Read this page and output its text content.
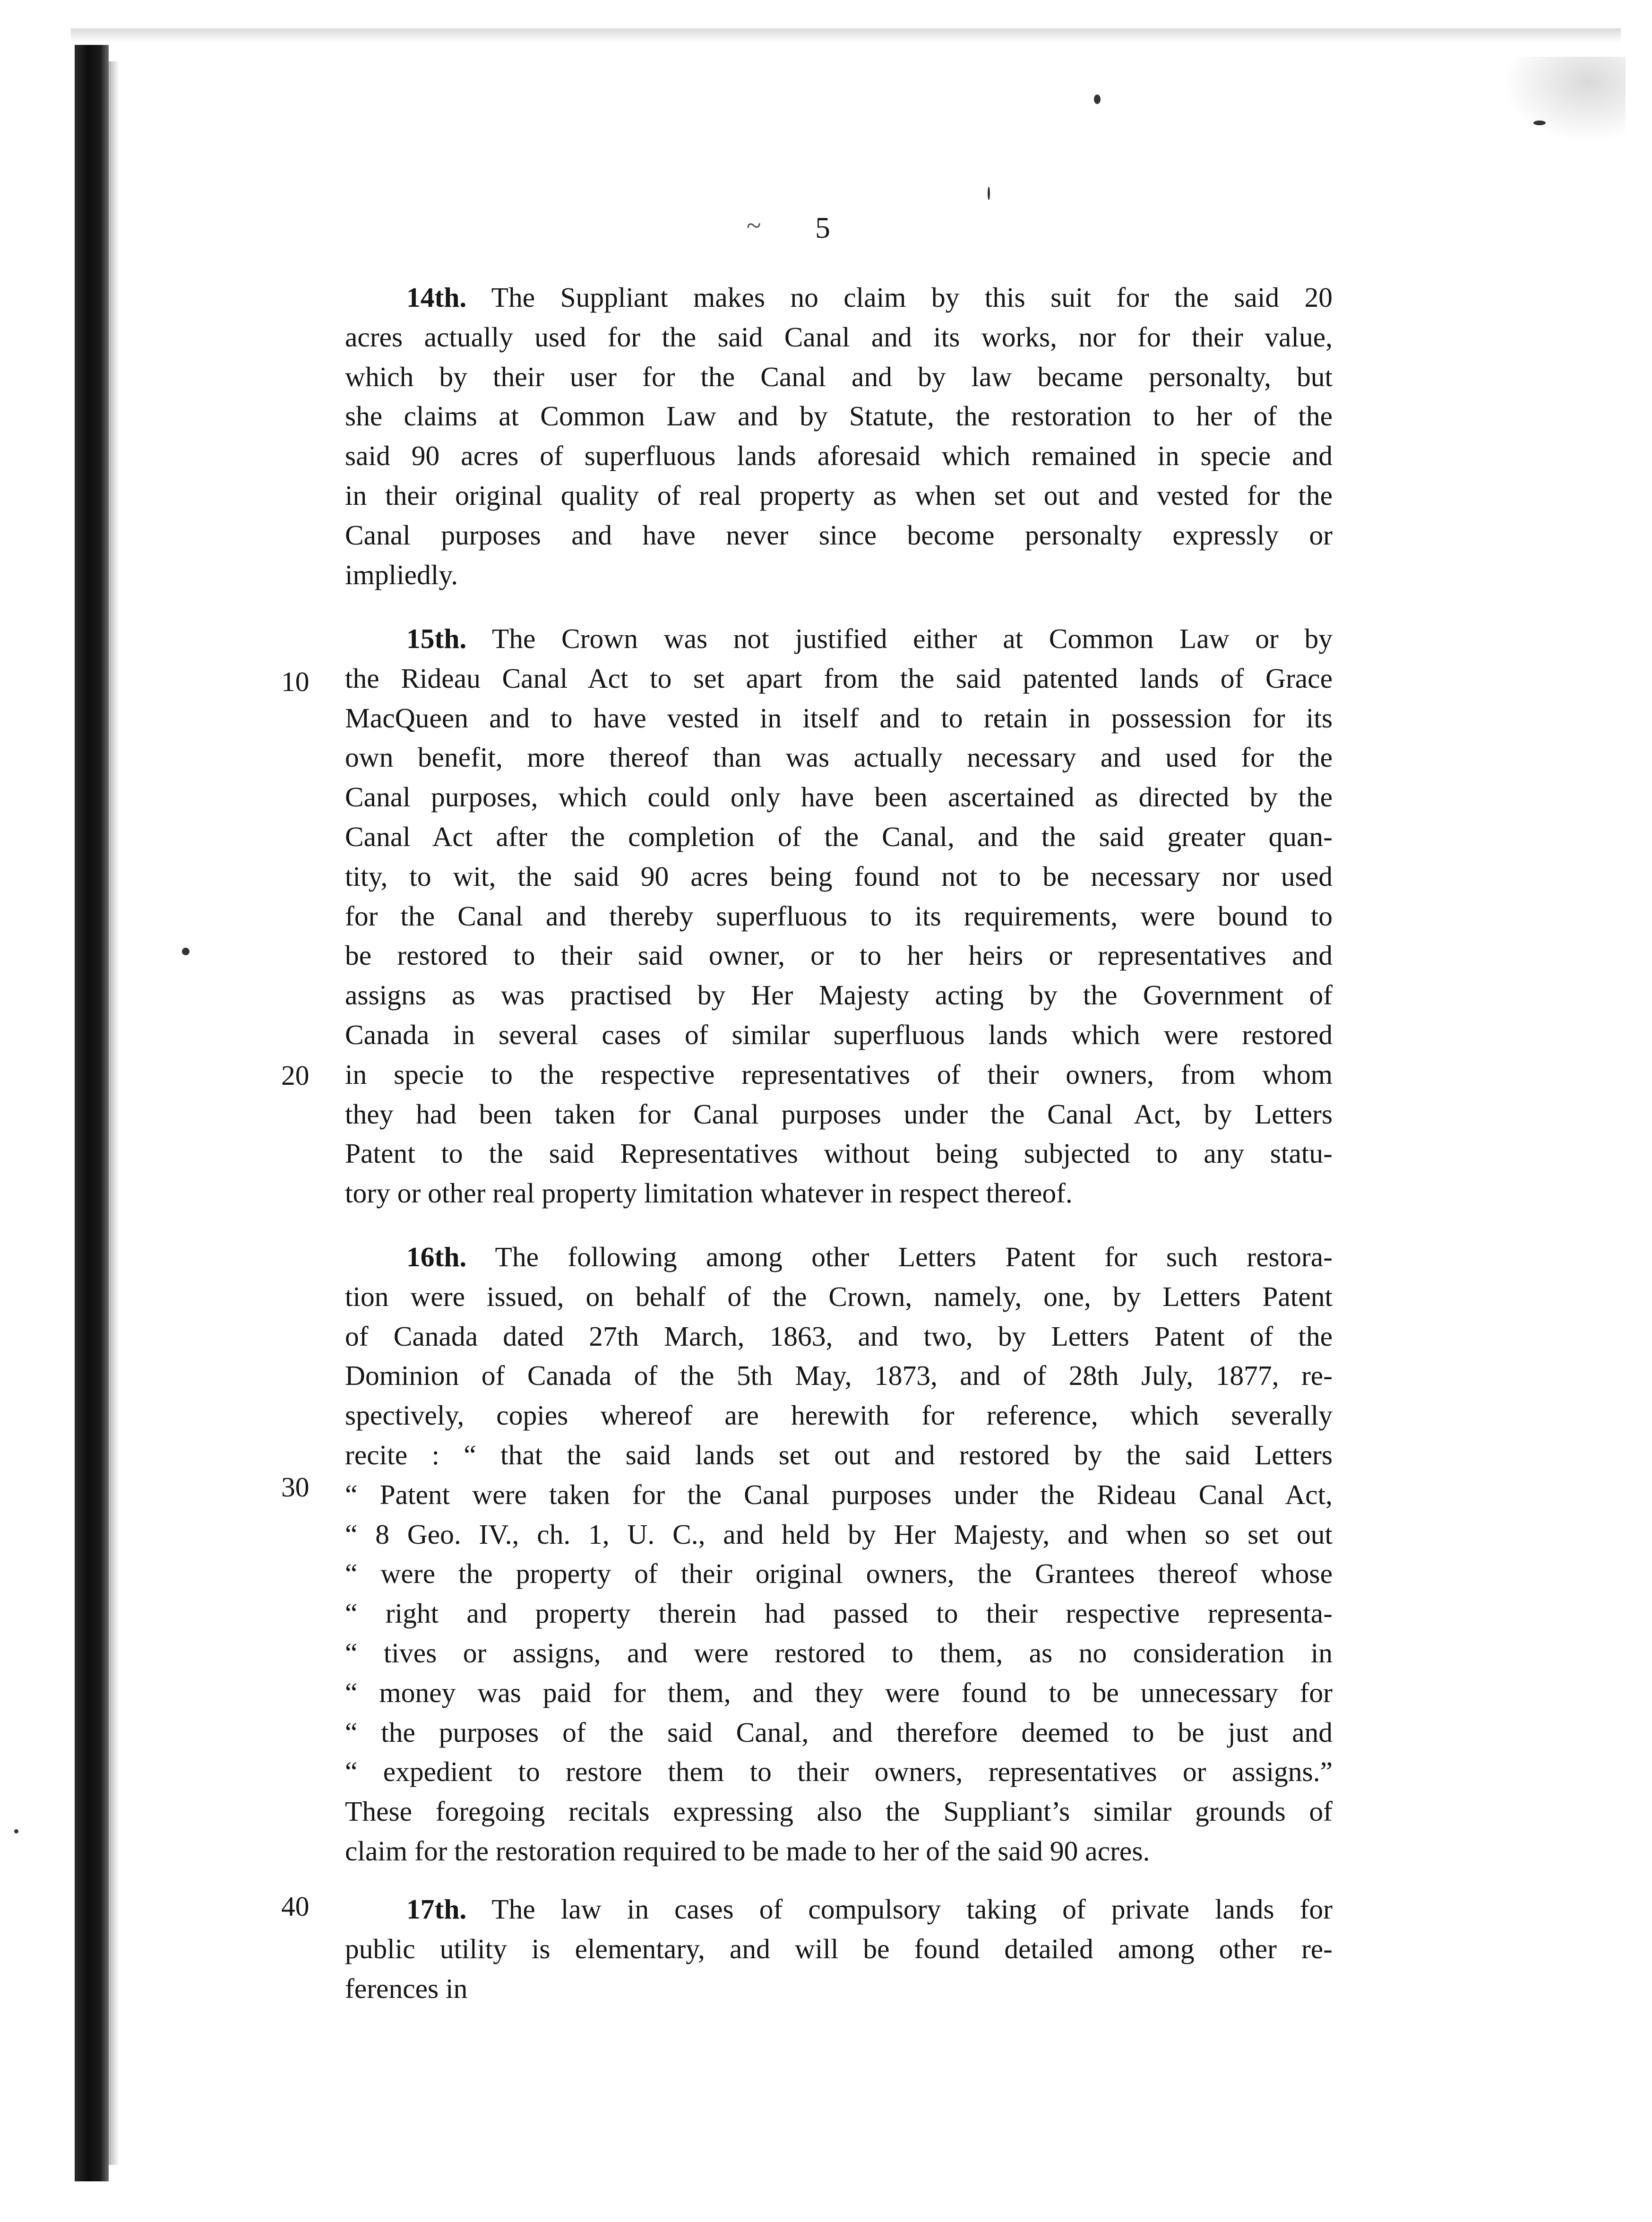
~ 5

14th. The Suppliant makes no claim by this suit for the said 20
acres actually used for the said Canal and its works, nor for their value,
which by their user for the Canal and by law became personalty, but
she claims at Common Law and by Statute, the restoration to her of the
said 90 acres of superfluous lands aforesaid which remained in specie and
in their original quality of real property as when set out and vested for the
Canal purposes and have never since become personalty expressly or
impliedly.
15th. The Crown was not justified either at Common Law or by
the Rideau Canal Act to set apart from the said patented lands of Grace
MacQueen and to have vested in itself and to retain in possession for its
own benefit, more thereof than was actually necessary and used for the
Canal purposes, which could only have been ascertained as directed by the
Canal Act after the completion of the Canal, and the said greater quan-
tity, to wit, the said 90 acres being found not to be necessary nor used
for the Canal and thereby superfluous to its requirements, were bound to
be restored to their said owner, or to her heirs or representatives and
assigns as was practised by Her Majesty acting by the Government of
Canada in several cases of similar superfluous lands which were restored
in specie to the respective representatives of their owners, from whom
they had been taken for Canal purposes under the Canal Act, by Letters
Patent to the said Representatives without being subjected to any statu-
tory or other real property limitation whatever in respect thereof.
16th. The following among other Letters Patent for such restora-
tion were issued, on behalf of the Crown, namely, one, by Letters Patent
of Canada dated 27th March, 1863, and two, by Letters Patent of the
Dominion of Canada of the 5th May, 1873, and of 28th July, 1877, re-
spectively, copies whereof are herewith for reference, which severally
recite : “ that the said lands set out and restored by the said Letters
“ Patent were taken for the Canal purposes under the Rideau Canal Act,
“ 8 Geo. IV., ch. 1, U. C., and held by Her Majesty, and when so set out
“ were the property of their original owners, the Grantees thereof whose
“ right and property therein had passed to their respective representa-
“ tives or assigns, and were restored to them, as no consideration in
“ money was paid for them, and they were found to be unnecessary for
“ the purposes of the said Canal, and therefore deemed to be just and
“ expedient to restore them to their owners, representatives or assigns.”
These foregoing recitals expressing also the Suppliant’s similar grounds of
claim for the restoration required to be made to her of the said 90 acres.
17th. The law in cases of compulsory taking of private lands for
public utility is elementary, and will be found detailed among other re-
ferences in
10
20
30
40
